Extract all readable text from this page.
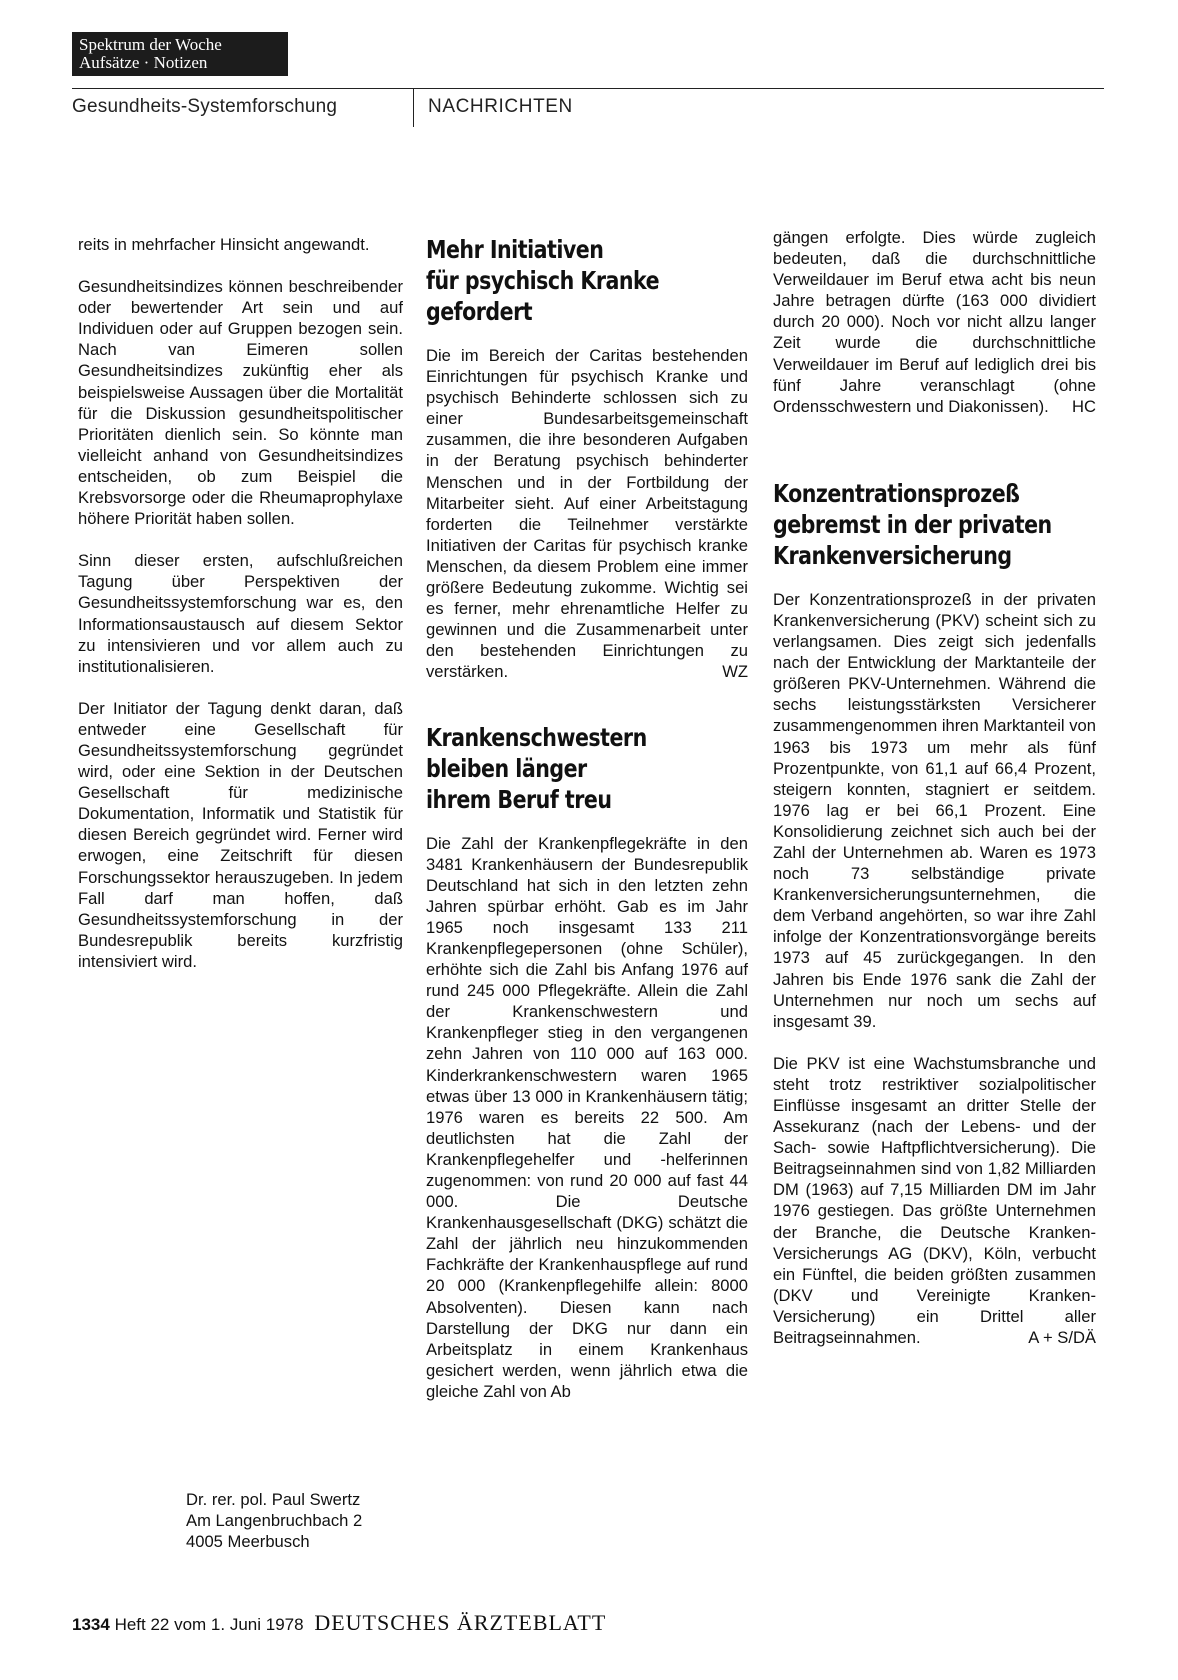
Spektrum der Woche
Aufsätze · Notizen
Gesundheits-Systemforschung	NACHRICHTEN

reits in mehrfacher Hinsicht angewandt.

Gesundheitsindizes können beschreibender oder bewertender Art sein und auf Individuen oder auf Gruppen bezogen sein. Nach van Eimeren sollen Gesundheitsindizes zukünftig eher als beispielsweise Aussagen über die Mortalität für die Diskussion gesundheitspolitischer Prioritäten dienlich sein. So könnte man vielleicht anhand von Gesundheitsindizes entscheiden, ob zum Beispiel die Krebsvorsorge oder die Rheumaprophylaxe höhere Priorität haben sollen.

Sinn dieser ersten, aufschlußreichen Tagung über Perspektiven der Gesundheitssystemforschung war es, den Informationsaustausch auf diesem Sektor zu intensivieren und vor allem auch zu institutionalisieren.

Der Initiator der Tagung denkt daran, daß entweder eine Gesellschaft für Gesundheitssystemforschung gegründet wird, oder eine Sektion in der Deutschen Gesellschaft für medizinische Dokumentation, Informatik und Statistik für diesen Bereich gegründet wird. Ferner wird erwogen, eine Zeitschrift für diesen Forschungssektor herauszugeben. In jedem Fall darf man hoffen, daß Gesundheitssystemforschung in der Bundesrepublik bereits kurzfristig intensiviert wird.

Dr. rer. pol. Paul Swertz
Am Langenbruchbach 2
4005 Meerbusch
Mehr Initiativen
für psychisch Kranke
gefordert

Die im Bereich der Caritas bestehenden Einrichtungen für psychisch Kranke und psychisch Behinderte schlossen sich zu einer Bundesarbeitsgemeinschaft zusammen, die ihre besonderen Aufgaben in der Beratung psychisch behinderter Menschen und in der Fortbildung der Mitarbeiter sieht. Auf einer Arbeitstagung forderten die Teilnehmer verstärkte Initiativen der Caritas für psychisch kranke Menschen, da diesem Problem eine immer größere Bedeutung zukomme. Wichtig sei es ferner, mehr ehrenamtliche Helfer zu gewinnen und die Zusammenarbeit unter den bestehenden Einrichtungen zu verstärken.	WZ

Krankenschwestern
bleiben länger
ihrem Beruf treu

Die Zahl der Krankenpflegekräfte in den 3481 Krankenhäusern der Bundesrepublik Deutschland hat sich in den letzten zehn Jahren spürbar erhöht. Gab es im Jahr 1965 noch insgesamt 133 211 Krankenpflegepersonen (ohne Schüler), erhöhte sich die Zahl bis Anfang 1976 auf rund 245 000 Pflegekräfte. Allein die Zahl der Krankenschwestern und Krankenpfleger stieg in den vergangenen zehn Jahren von 110 000 auf 163 000. Kinderkrankenschwestern waren 1965 etwas über 13 000 in Krankenhäusern tätig; 1976 waren es bereits 22 500. Am deutlichsten hat die Zahl der Krankenpflegehelfer und -helferinnen zugenommen: von rund 20 000 auf fast 44 000. Die Deutsche Krankenhausgesellschaft (DKG) schätzt die Zahl der jährlich neu hinzukommenden Fachkräfte der Krankenhauspflege auf rund 20 000 (Krankenpflegehilfe allein: 8000 Absolventen). Diesen kann nach Darstellung der DKG nur dann ein Arbeitsplatz in einem Krankenhaus gesichert werden, wenn jährlich etwa die gleiche Zahl von Ab

gängen erfolgte. Dies würde zugleich bedeuten, daß die durchschnittliche Verweildauer im Beruf etwa acht bis neun Jahre betragen dürfte (163 000 dividiert durch 20 000). Noch vor nicht allzu langer Zeit wurde die durchschnittliche Verweildauer im Beruf auf lediglich drei bis fünf Jahre veranschlagt (ohne Ordensschwestern und Diakonissen). HC

Konzentrationsprozeß
gebremst in der privaten
Krankenversicherung

Der Konzentrationsprozeß in der privaten Krankenversicherung (PKV) scheint sich zu verlangsamen. Dies zeigt sich jedenfalls nach der Entwicklung der Marktanteile der größeren PKV-Unternehmen. Während die sechs leistungsstärksten Versicherer zusammengenommen ihren Marktanteil von 1963 bis 1973 um mehr als fünf Prozentpunkte, von 61,1 auf 66,4 Prozent, steigern konnten, stagniert er seitdem. 1976 lag er bei 66,1 Prozent. Eine Konsolidierung zeichnet sich auch bei der Zahl der Unternehmen ab. Waren es 1973 noch 73 selbständige private Krankenversicherungsunternehmen, die dem Verband angehörten, so war ihre Zahl infolge der Konzentrationsvorgänge bereits 1973 auf 45 zurückgegangen. In den Jahren bis Ende 1976 sank die Zahl der Unternehmen nur noch um sechs auf insgesamt 39.

Die PKV ist eine Wachstumsbranche und steht trotz restriktiver sozialpolitischer Einflüsse insgesamt an dritter Stelle der Assekuranz (nach der Lebens- und der Sach- sowie Haftpflichtversicherung). Die Beitragseinnahmen sind von 1,82 Milliarden DM (1963) auf 7,15 Milliarden DM im Jahr 1976 gestiegen. Das größte Unternehmen der Branche, die Deutsche Kranken-Versicherungs AG (DKV), Köln, verbucht ein Fünftel, die beiden größten zusammen (DKV und Vereinigte Kranken-Versicherung) ein Drittel aller Beitragseinnahmen.	A + S/DÄ

1334 Heft 22 vom 1. Juni 1978 DEUTSCHES ÄRZTEBLATT
